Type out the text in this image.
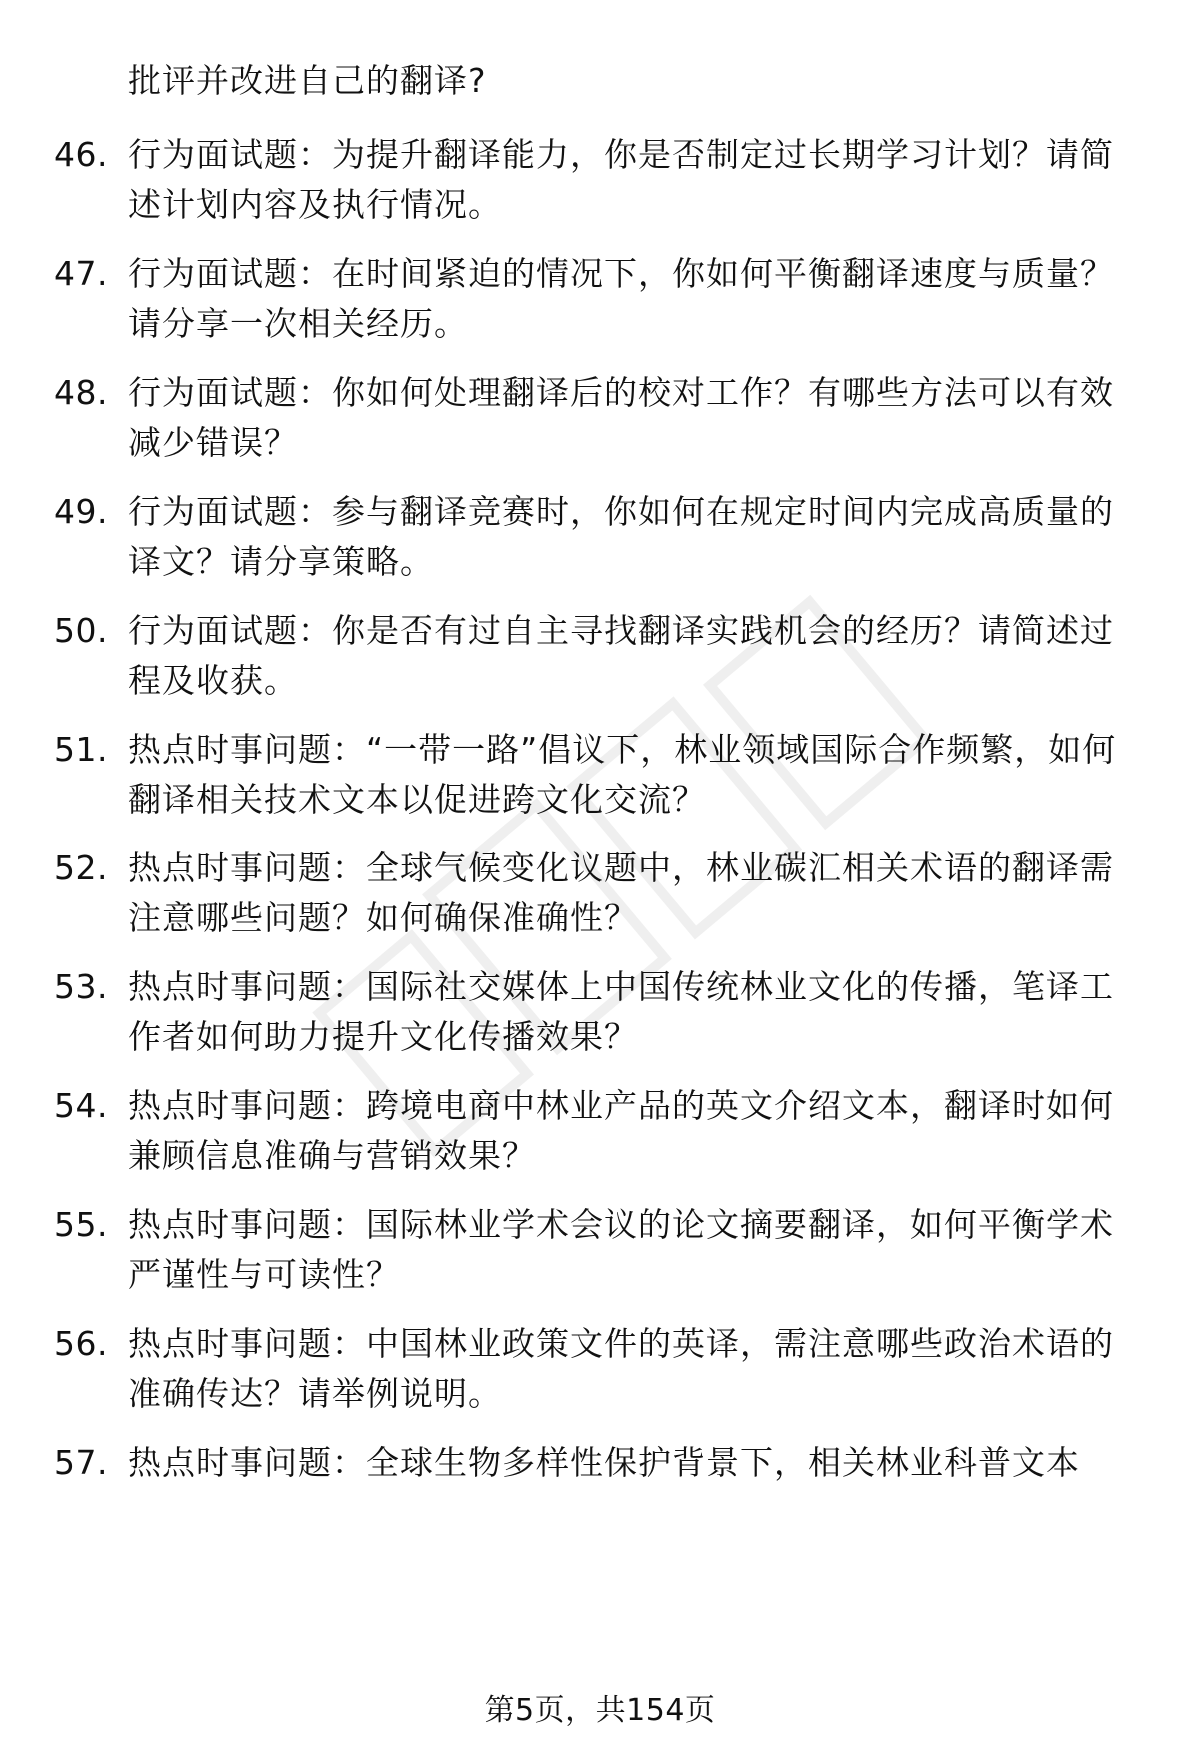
批评并改进自己的翻译?

46. 行为面试题：为提升翻译能力，你是否制定过长期学习计划？请简述计划内容及执行情况。

47. 行为面试题：在时间紧迫的情况下，你如何平衡翻译速度与质量？请分享一次相关经历。

48. 行为面试题：你如何处理翻译后的校对工作？有哪些方法可以有效减少错误？

49. 行为面试题：参与翻译竞赛时，你如何在规定时间内完成高质量的译文？请分享策略。

50. 行为面试题：你是否有过自主寻找翻译实践机会的经历？请简述过程及收获。

51. 热点时事问题：“一带一路”倡议下，林业领域国际合作频繁，如何翻译相关技术文本以促进跨文化交流？

52. 热点时事问题：全球气候变化议题中，林业碳汇相关术语的翻译需注意哪些问题？如何确保准确性？

53. 热点时事问题：国际社交媒体上中国传统林业文化的传播，笔译工作者如何助力提升文化传播效果？

54. 热点时事问题：跨境电商中林业产品的英文介绍文本，翻译时如何兼顾信息准确与营销效果？

55. 热点时事问题：国际林业学术会议的论文摘要翻译，如何平衡学术严谨性与可读性？

56. 热点时事问题：中国林业政策文件的英译，需注意哪些政治术语的准确传达？请举例说明。

57. 热点时事问题：全球生物多样性保护背景下，相关林业科普文本

第5页，共154页
